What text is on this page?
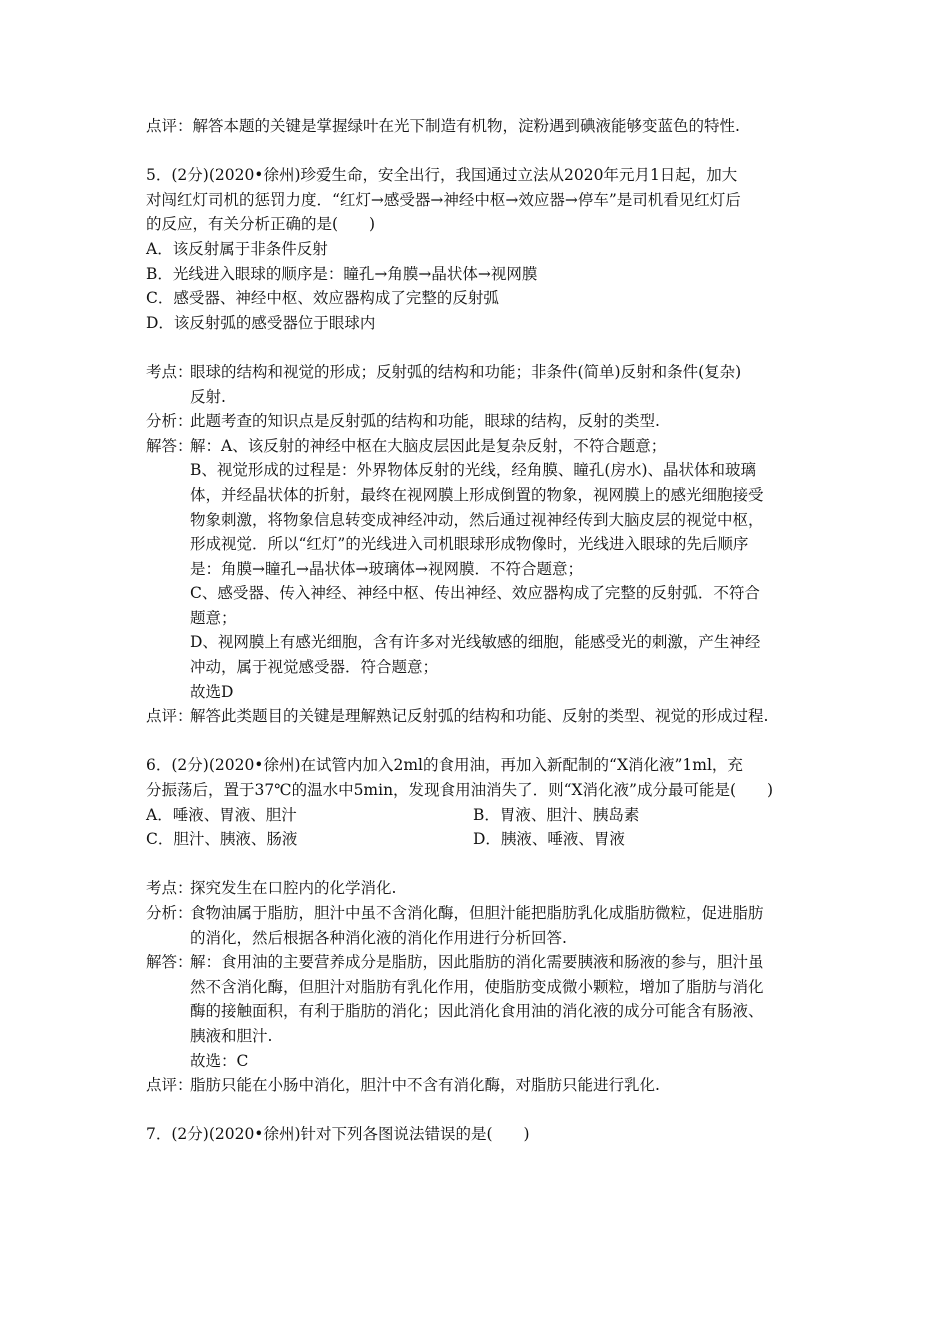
点评：解答本题的关键是掌握绿叶在光下制造有机物，淀粉遇到碘液能够变蓝色的特性.
5．(2分)(2020•徐州)珍爱生命，安全出行，我国通过立法从2020年元月1日起，加大
对闯红灯司机的惩罚力度．“红灯→感受器→神经中枢→效应器→停车”是司机看见红灯后
的反应，有关分析正确的是(　　)
A．该反射属于非条件反射
B．光线进入眼球的顺序是：瞳孔→角膜→晶状体→视网膜
C．感受器、神经中枢、效应器构成了完整的反射弧
D．该反射弧的感受器位于眼球内
考点：
眼球的结构和视觉的形成；反射弧的结构和功能；非条件(简单)反射和条件(复杂)
反射.
分析：
此题考查的知识点是反射弧的结构和功能，眼球的结构，反射的类型.
解答：
解：A、该反射的神经中枢在大脑皮层因此是复杂反射，不符合题意；
B、视觉形成的过程是：外界物体反射的光线，经角膜、瞳孔(房水)、晶状体和玻璃
体，并经晶状体的折射，最终在视网膜上形成倒置的物象，视网膜上的感光细胞接受
物象刺激，将物象信息转变成神经冲动，然后通过视神经传到大脑皮层的视觉中枢，
形成视觉．所以“红灯”的光线进入司机眼球形成物像时，光线进入眼球的先后顺序
是：角膜→瞳孔→晶状体→玻璃体→视网膜．不符合题意；
C、感受器、传入神经、神经中枢、传出神经、效应器构成了完整的反射弧．不符合
题意；
D、视网膜上有感光细胞，含有许多对光线敏感的细胞，能感受光的刺激，产生神经
冲动，属于视觉感受器．符合题意；
故选D
点评：
解答此类题目的关键是理解熟记反射弧的结构和功能、反射的类型、视觉的形成过程.
6．(2分)(2020•徐州)在试管内加入2ml的食用油，再加入新配制的“X消化液”1ml，充
分振荡后，置于37℃的温水中5min，发现食用油消失了．则“X消化液”成分最可能是(　　)
A．唾液、胃液、胆汁	B．胃液、胆汁、胰岛素
C．胆汁、胰液、肠液	D．胰液、唾液、胃液
考点：
探究发生在口腔内的化学消化.
分析：
食物油属于脂肪，胆汁中虽不含消化酶，但胆汁能把脂肪乳化成脂肪微粒，促进脂肪
的消化，然后根据各种消化液的消化作用进行分析回答.
解答：
解：食用油的主要营养成分是脂肪，因此脂肪的消化需要胰液和肠液的参与，胆汁虽
然不含消化酶，但胆汁对脂肪有乳化作用，使脂肪变成微小颗粒，增加了脂肪与消化
酶的接触面积，有利于脂肪的消化；因此消化食用油的消化液的成分可能含有肠液、
胰液和胆汁.
故选：C
点评：
脂肪只能在小肠中消化，胆汁中不含有消化酶，对脂肪只能进行乳化.
7．(2分)(2020•徐州)针对下列各图说法错误的是(　　)
